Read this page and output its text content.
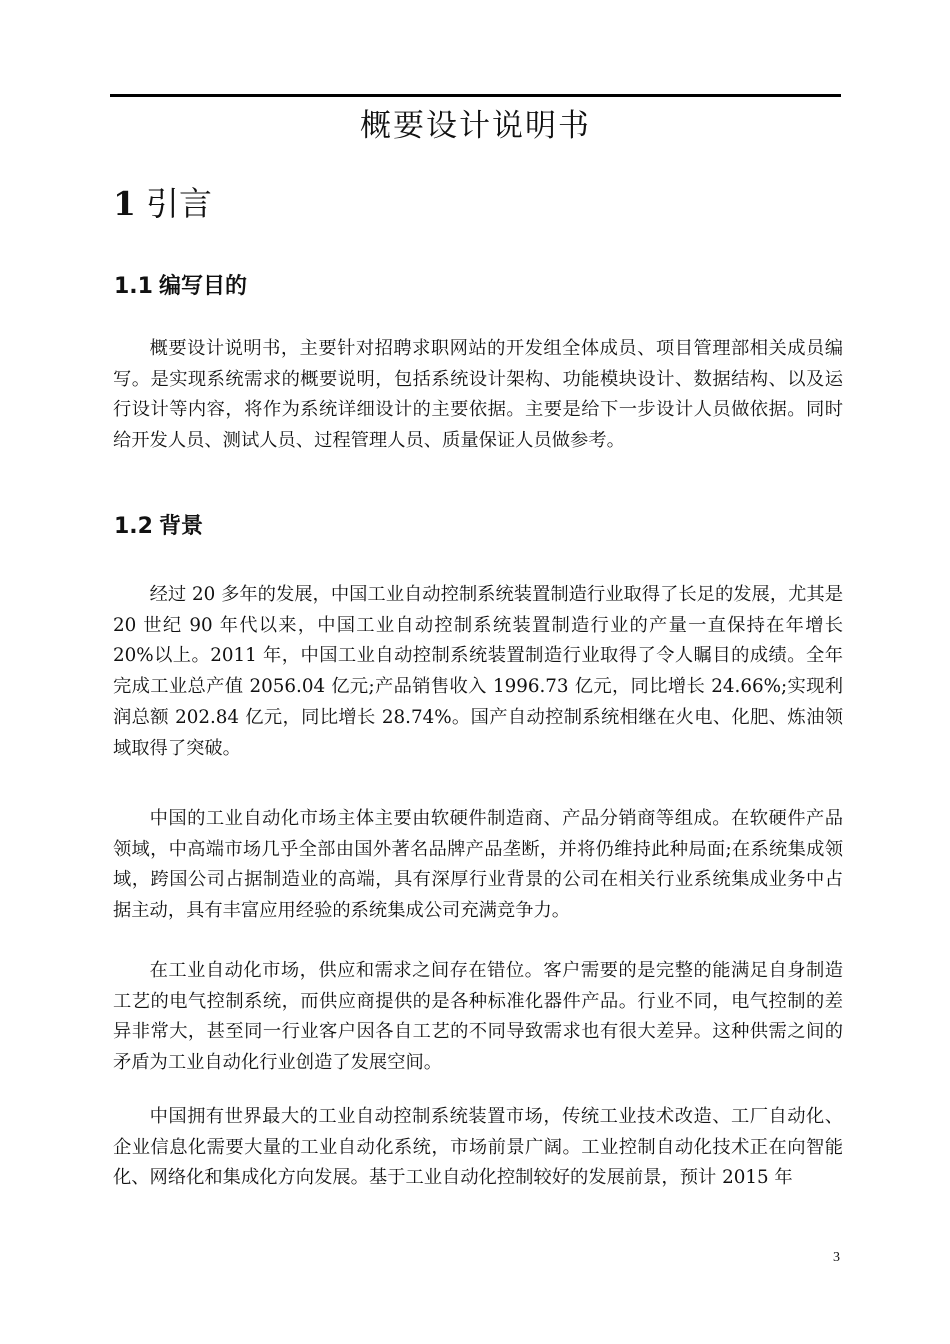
概要设计说明书
1 引言
1.1 编写目的

概要设计说明书，主要针对招聘求职网站的开发组全体成员、项目管理部相关成员编写。是实现系统需求的概要说明，包括系统设计架构、功能模块设计、数据结构、以及运行设计等内容，将作为系统详细设计的主要依据。主要是给下一步设计人员做依据。同时给开发人员、测试人员、过程管理人员、质量保证人员做参考。

1.2 背景

经过 20 多年的发展，中国工业自动控制系统装置制造行业取得了长足的发展，尤其是 20 世纪 90 年代以来，中国工业自动控制系统装置制造行业的产量一直保持在年增长 20%以上。2011 年，中国工业自动控制系统装置制造行业取得了令人瞩目的成绩。全年完成工业总产值 2056.04 亿元;产品销售收入 1996.73 亿元，同比增长 24.66%;实现利润总额 202.84 亿元，同比增长 28.74%。国产自动控制系统相继在火电、化肥、炼油领域取得了突破。

中国的工业自动化市场主体主要由软硬件制造商、产品分销商等组成。在软硬件产品领域，中高端市场几乎全部由国外著名品牌产品垄断，并将仍维持此种局面;在系统集成领域，跨国公司占据制造业的高端，具有深厚行业背景的公司在相关行业系统集成业务中占据主动，具有丰富应用经验的系统集成公司充满竞争力。

在工业自动化市场，供应和需求之间存在错位。客户需要的是完整的能满足自身制造工艺的电气控制系统，而供应商提供的是各种标准化器件产品。行业不同，电气控制的差异非常大，甚至同一行业客户因各自工艺的不同导致需求也有很大差异。这种供需之间的矛盾为工业自动化行业创造了发展空间。

中国拥有世界最大的工业自动控制系统装置市场，传统工业技术改造、工厂自动化、企业信息化需要大量的工业自动化系统，市场前景广阔。工业控制自动化技术正在向智能化、网络化和集成化方向发展。基于工业自动化控制较好的发展前景，预计 2015 年

3
